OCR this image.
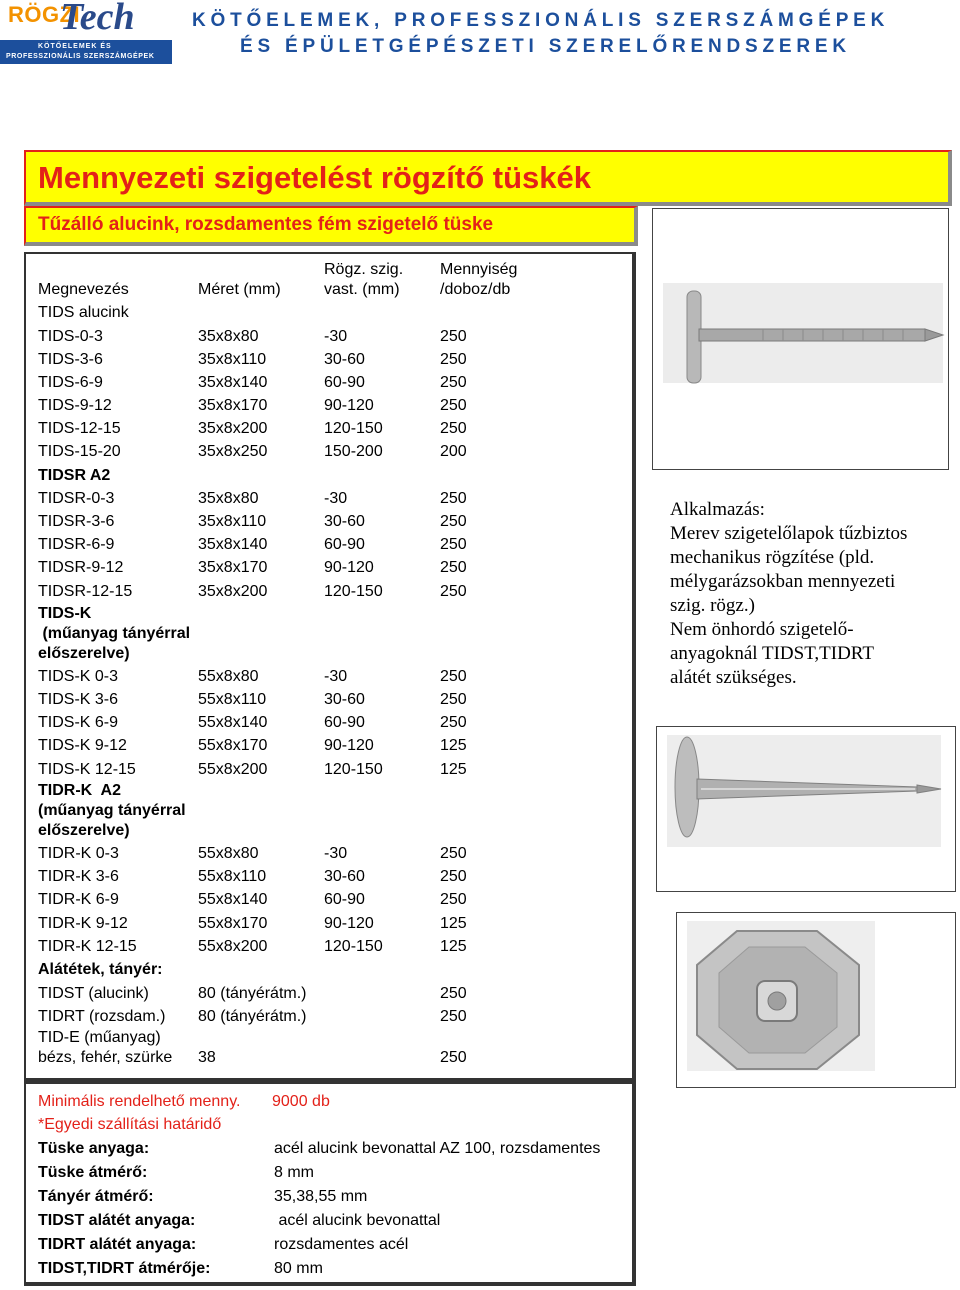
RÖGZI
Tech
KÖTŐELEMEK ÉS
PROFESSZIONÁLIS SZERSZÁMGÉPEK
KÖTŐELEMEK, PROFESSZIONÁLIS SZERSZÁMGÉPEK
ÉS ÉPÜLETGÉPÉSZETI SZERELŐRENDSZEREK
Mennyezeti szigetelést rögzítő tüskék
Tűzálló alucink, rozsdamentes fém szigetelő tüske
Rögz. szig. Mennyiség
Megnevezés	Méret (mm)	vast. (mm)	/doboz/db
TIDS alucink
TIDS-0-3	35x8x80	-30	250
TIDS-3-6	35x8x110	30-60	250
TIDS-6-9	35x8x140	60-90	250
TIDS-9-12	35x8x170	90-120	250
TIDS-12-15	35x8x200	120-150	250
TIDS-15-20	35x8x250	150-200	200
TIDSR A2
TIDSR-0-3	35x8x80	-30	250
TIDSR-3-6	35x8x110	30-60	250
TIDSR-6-9	35x8x140	60-90	250
TIDSR-9-12	35x8x170	90-120	250
TIDSR-12-15	35x8x200	120-150	250
TIDS-K
(műanyag tányérral
előszerelve)
TIDS-K 0-3	55x8x80	-30	250
TIDS-K 3-6	55x8x110	30-60	250
TIDS-K 6-9	55x8x140	60-90	250
TIDS-K 9-12	55x8x170	90-120	125
TIDS-K 12-15	55x8x200	120-150	125
TIDR-K  A2
(műanyag tányérral
előszerelve)
TIDR-K 0-3	55x8x80	-30	250
TIDR-K 3-6	55x8x110	30-60	250
TIDR-K 6-9	55x8x140	60-90	250
TIDR-K 9-12	55x8x170	90-120	125
TIDR-K 12-15	55x8x200	120-150	125
Alátétek, tányér:
TIDST (alucink)	80 (tányérátm.)	250
TIDRT (rozsdam.) 80 (tányérátm.)	250
TID-E (műanyag)
bézs, fehér, szürke 38	250
Minimális rendelhető menny. 9000 db
*Egyedi szállítási határidő
Tüske anyaga:	acél alucink bevonattal AZ 100, rozsdamentes
Tüske átmérő:	8 mm
Tányér átmérő:	35,38,55 mm
TIDST alátét anyaga:	acél alucink bevonattal
TIDRT alátét anyaga:	rozsdamentes acél
TIDST,TIDRT átmérője:	80 mm
Alkalmazás:
Merev szigetelőlapok tűzbiztos
mechanikus rögzítése (pld.
mélygarázsokban mennyezeti
szig. rögz.)
Nem önhordó szigetelő-
anyagoknál TIDST,TIDRT
alátét szükséges.
